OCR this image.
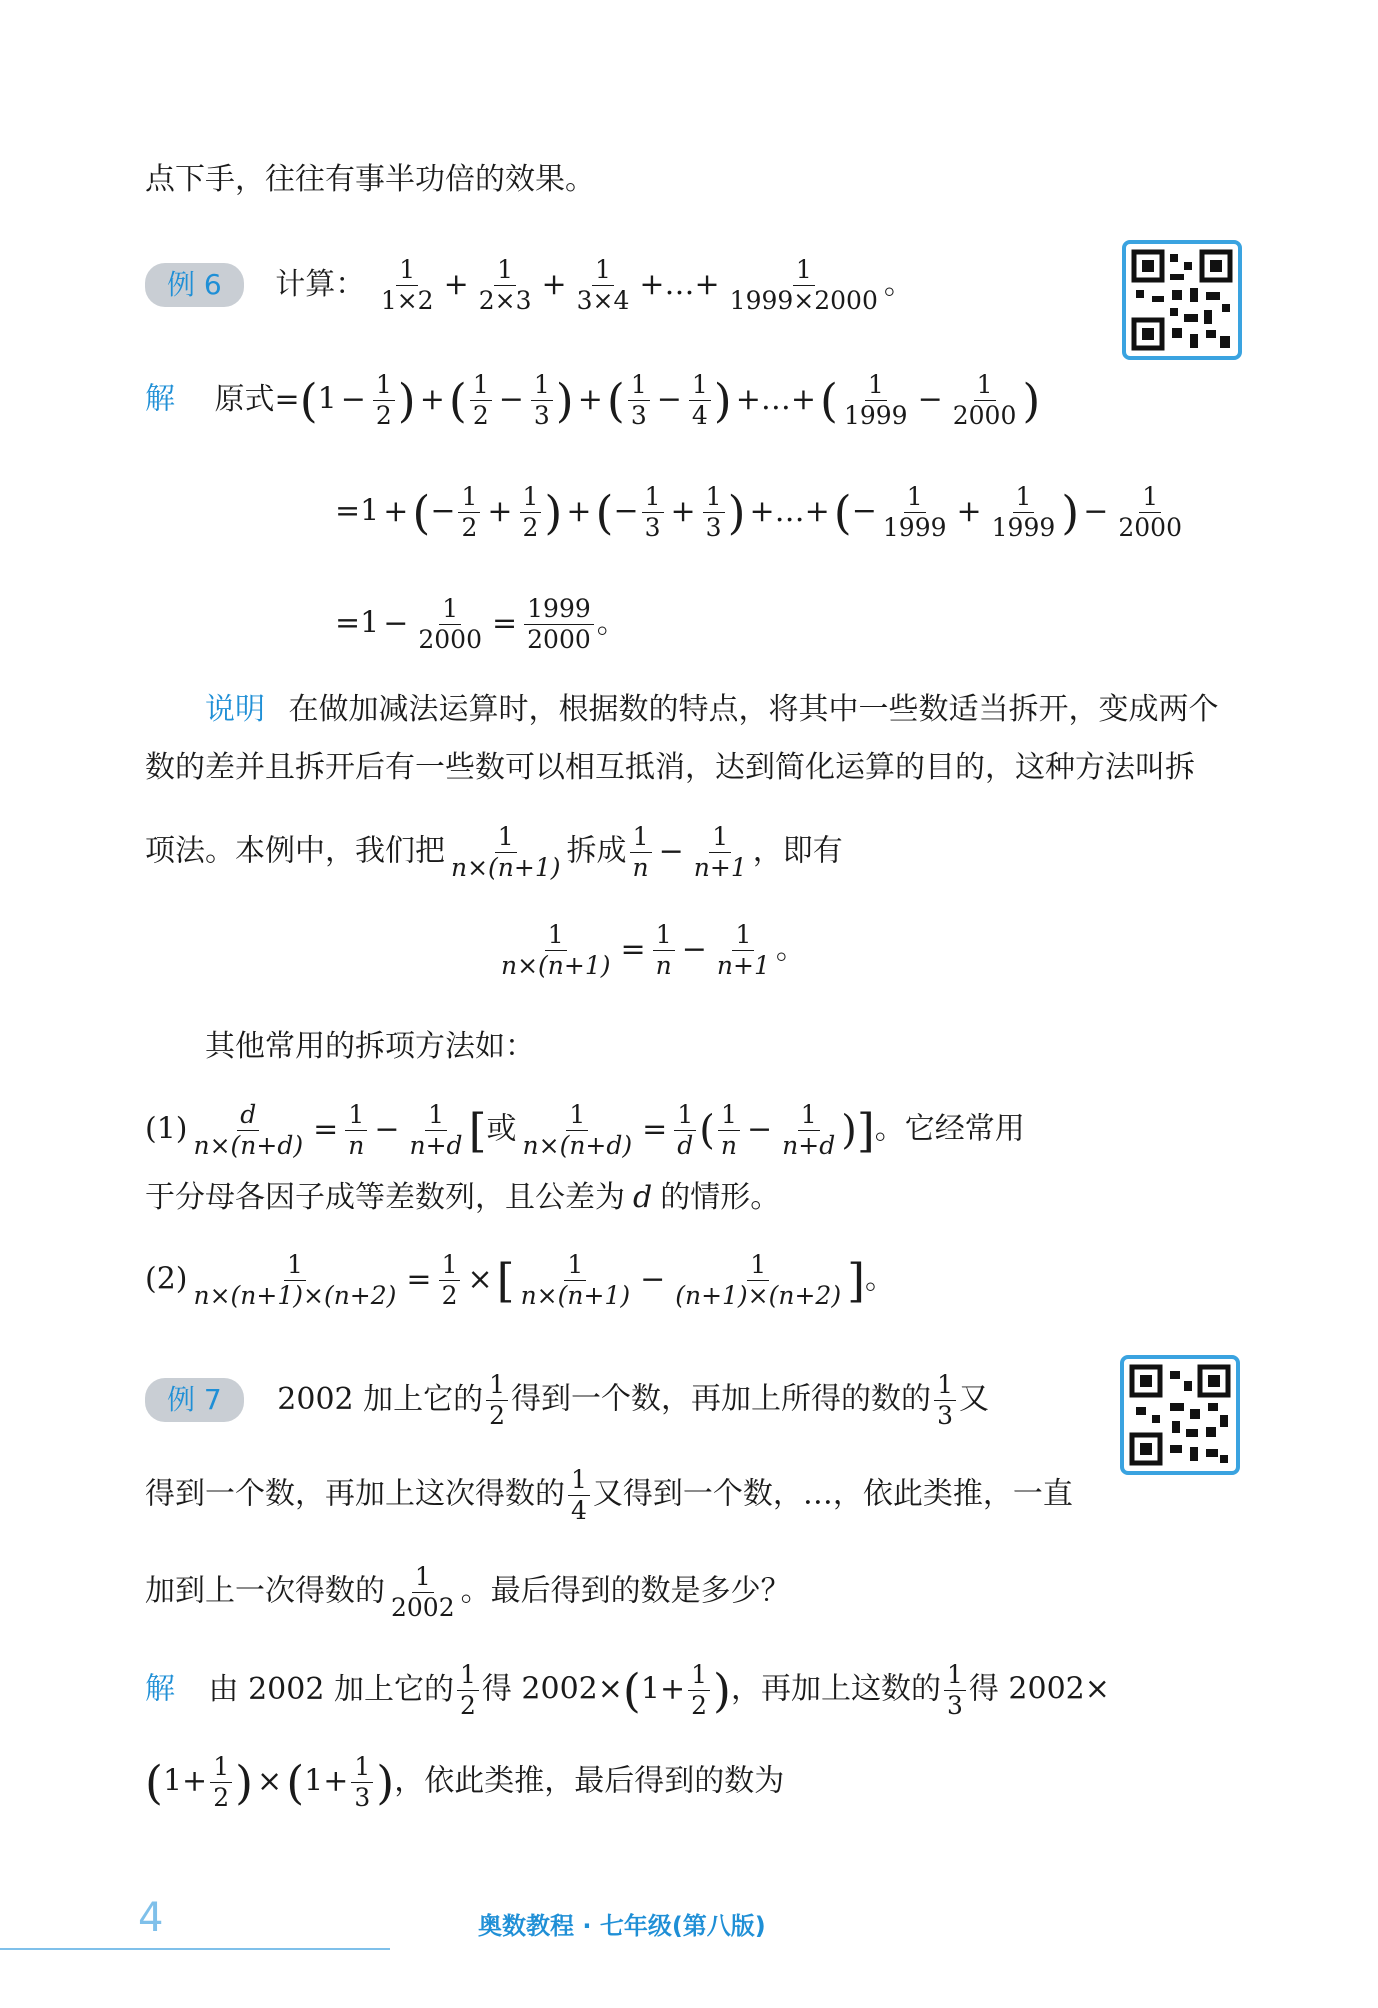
点下手，往往有事半功倍的效果。
例 6 计算： $\frac{1}{1\times 2} + \frac{1}{2\times 3} + \frac{1}{3\times 4}$ +…+ $\frac{1}{1999\times 2000}$ 。
解 原式$=(1 - \frac{1}{2}$ ) +( $\frac{1}{2} - \frac{1}{3}$ ) +( $\frac{1}{3} - \frac{1}{4}$ ) +…+( $\frac{1}{1999} - \frac{1}{2000}$ )
=1 +(− $\frac{1}{2} + \frac{1}{2}$ ) +(− $\frac{1}{3} + \frac{1}{3}$ ) +…+(− $\frac{1}{1999} + \frac{1}{1999}$ ) − $\frac{1}{2000}$
$=1 - \frac{1}{2000} = \frac{1999}{2000}$ 。
说明 在做加减法运算时，根据数的特点，将其中一些数适当拆开，变成两个
数的差并且拆开后有一些数可以相互抵消，达到简化运算的目的，这种方法叫拆
项法。本例中，我们把 $\frac{1}{n\times(n+1)}$ 拆成 $\frac{1}{n} - \frac{1}{n+1}$ ，即有
$\frac{1}{n\times(n+1)} = \frac{1}{n} - \frac{1}{n+1}$ 。
其他常用的拆项方法如：
$(1) \frac{d}{n\times(n+d)} = \frac{1}{n} - \frac{1}{n+d}$ [或 $\frac{1}{n\times(n+d)} = \frac{1}{d}$ ( $\frac{1}{n} - \frac{1}{n+d}$ )]。它经常用
于分母各因子成等差数列，且公差为 d 的情形。
$(2) \frac{1}{n\times(n+1)\times(n+2)} = \frac{1}{2}$ ×[ $\frac{1}{n\times(n+1)} - \frac{1}{(n+1)\times(n+2)}$ ]。
例 7 2002 加上它的 $\frac{1}{2}$ 得到一个数，再加上所得的数的 $\frac{1}{3}$ 又
得到一个数，再加上这次得数的 $\frac{1}{4}$ 又得到一个数，…，依此类推，一直
加到上一次得数的 $\frac{1}{2002}$ 。最后得到的数是多少？
解 由 2002 加上它的 $\frac{1}{2}$ 得 $2002\times(1+ \frac{1}{2}$ )，再加上这数的 $\frac{1}{3}$ 得 2002×
($1+ \frac{1}{2}$ ) $\times(1+ \frac{1}{3}$ )，依此类推，最后得到的数为
4	奥数教程 · 七年级(第八版)
